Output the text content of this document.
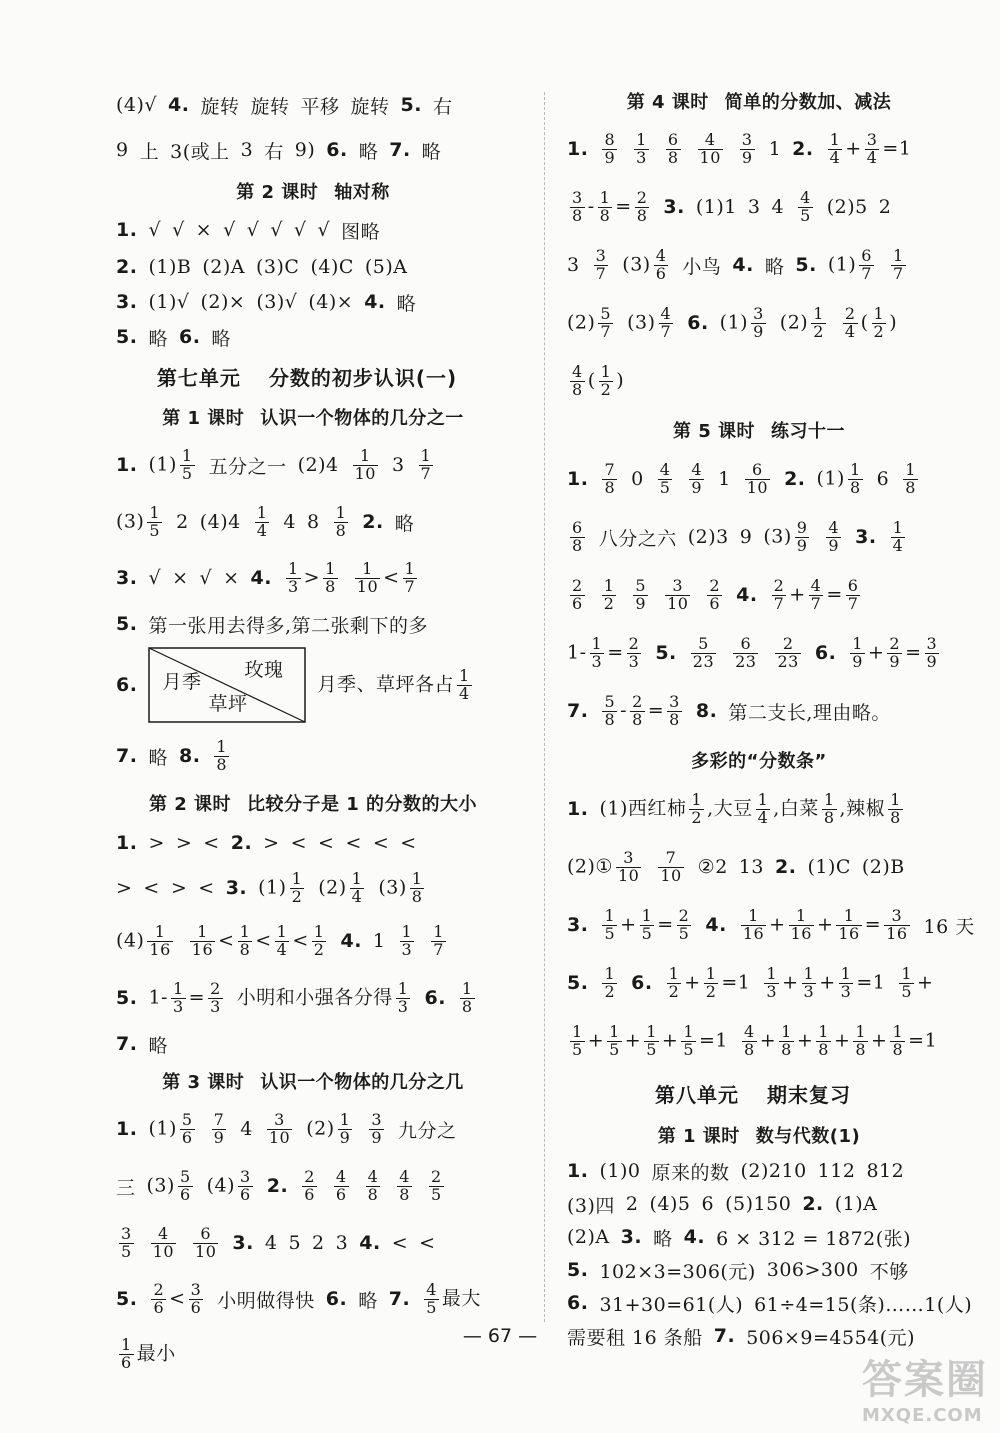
(4)√ 4. 旋转 旋转 平移 旋转 5. 右
9 上 3(或上 3 右 9) 6. 略 7. 略
第 2 课时 轴对称
1. √ √ × √ √ √ √ √ 图略
2. (1)B (2)A (3)C (4)C (5)A
3. (1)√ (2)× (3)√ (4)× 4. 略
5. 略 6. 略
第七单元 分数的初步认识(一)
第 1 课时 认识一个物体的几分之一
1. $(1) \frac{1}{5}$ 五分之一 $(2)4 \frac{1}{10} 3 \frac{1}{7}$
$(3) \frac{1}{5} 2$ $(4)4 \frac{1}{4} 4$ $8 \frac{1}{8} 2$. 略
3. √ × √ × 4. $\frac{1}{3} > \frac{1}{8} \frac{1}{10} < \frac{1}{7}$
5. 第一张用去得多,第二张剩下的多
6. 月季
玫瑰
草坪
月季、草坪各占 $\frac{1}{4}$
7. 略 8. $\frac{1}{8}$
第 2 课时 比较分子是 1 的分数的大小
1. > > < 2. > < < < < <
> < > < 3. $(1) \frac{1}{2} (2) \frac{1}{4} (3) \frac{1}{8}$
$(4) \frac{1}{16} \frac{1}{16} < \frac{1}{8} < \frac{1}{4} < \frac{1}{2} 4$. $1 \frac{1}{3} \frac{1}{7}$
5. $1- \frac{1}{3} = \frac{2}{3}$ 小明和小强各分得 $\frac{1}{3} 6$. $\frac{1}{8}$
7. 略
第 3 课时 认识一个物体的几分之几
1. $(1) \frac{5}{6} \frac{7}{9} 4 \frac{3}{10} (2) \frac{1}{9} \frac{3}{9}$ 九分之
三 $(3) \frac{5}{6} (4) \frac{3}{6} 2$. $\frac{2}{6} \frac{4}{6} \frac{4}{8} \frac{4}{8} \frac{2}{5}$
$\frac{3}{5} \frac{4}{10} \frac{6}{10} 3$. 4 5 2 3 4. < <
5. $\frac{2}{6} < \frac{3}{6}$ 小明做得快 6. 略 7. $\frac{4}{5}$ 最大
$\frac{1}{6}$ 最小
第 4 课时 简单的分数加、减法
1. $\frac{8}{9} \frac{1}{3} \frac{6}{8} \frac{4}{10} \frac{3}{9} 1$ 2. $\frac{1}{4} + \frac{3}{4} =1$
$\frac{3}{8} - \frac{1}{8} = \frac{2}{8} 3$. (1)1 3 $4 \frac{4}{5} (2)5$ 2
$3 \frac{3}{7} (3) \frac{4}{6}$ 小鸟 4. 略 5. $(1) \frac{6}{7} \frac{1}{7}$
$(2) \frac{5}{7} (3) \frac{4}{7} 6$. $(1) \frac{3}{9} (2) \frac{1}{2} \frac{2}{4}$ ( $\frac{1}{2}$ )
$\frac{4}{8}$ ( $\frac{1}{2}$ )
第 5 课时 练习十一
1. $\frac{7}{8} 0 \frac{4}{5} \frac{4}{9} 1 \frac{6}{10} 2$. $(1) \frac{1}{8} 6 \frac{1}{8}$
$\frac{6}{8}$ 八分之六 (2)3 9 $(3) \frac{9}{9} \frac{4}{9} 3$. $\frac{1}{4}$
$\frac{2}{6} \frac{1}{2} \frac{5}{9} \frac{3}{10} \frac{2}{6} 4$. $\frac{2}{7} + \frac{4}{7} = \frac{6}{7}$
$1- \frac{1}{3} = \frac{2}{3} 5$. $\frac{5}{23} \frac{6}{23} \frac{2}{23} 6$. $\frac{1}{9} + \frac{2}{9} = \frac{3}{9}$
7. $\frac{5}{8} - \frac{2}{8} = \frac{3}{8} 8$. 第二支长,理由略。
多彩的“分数条”
1. (1)西红柿 $\frac{1}{2}$ ,大豆 $\frac{1}{4}$ ,白菜 $\frac{1}{8}$ ,辣椒 $\frac{1}{8}$
(2)① $\frac{3}{10} \frac{7}{10}$ ②2 13 2. (1)C (2)B
3. $\frac{1}{5} + \frac{1}{5} = \frac{2}{5} 4$. $\frac{1}{16} + \frac{1}{16} + \frac{1}{16} = \frac{3}{16} 16$ 天
5. $\frac{1}{2} 6$. $\frac{1}{2} + \frac{1}{2} =1 \frac{1}{3} + \frac{1}{3} + \frac{1}{3} =1 \frac{1}{5}$ +
$\frac{1}{5} + \frac{1}{5} + \frac{1}{5} + \frac{1}{5} =1 \frac{4}{8} + \frac{1}{8} + \frac{1}{8} + \frac{1}{8} + \frac{1}{8} =1$
第八单元 期末复习
第 1 课时 数与代数(1)
1. (1)0 原来的数 (2)210 112 812
(3)四 2 (4)5 6 (5)150 2. (1)A
(2)A 3. 略 4. 6 × 312 = 1872(张)
5. 102×3=306(元) 306>300 不够
6. 31+30=61(人) 61÷4=15(条)……1(人)
需要租 16 条船 7. 506×9=4554(元)
— 67 —
答案圈
MXQE.COM
